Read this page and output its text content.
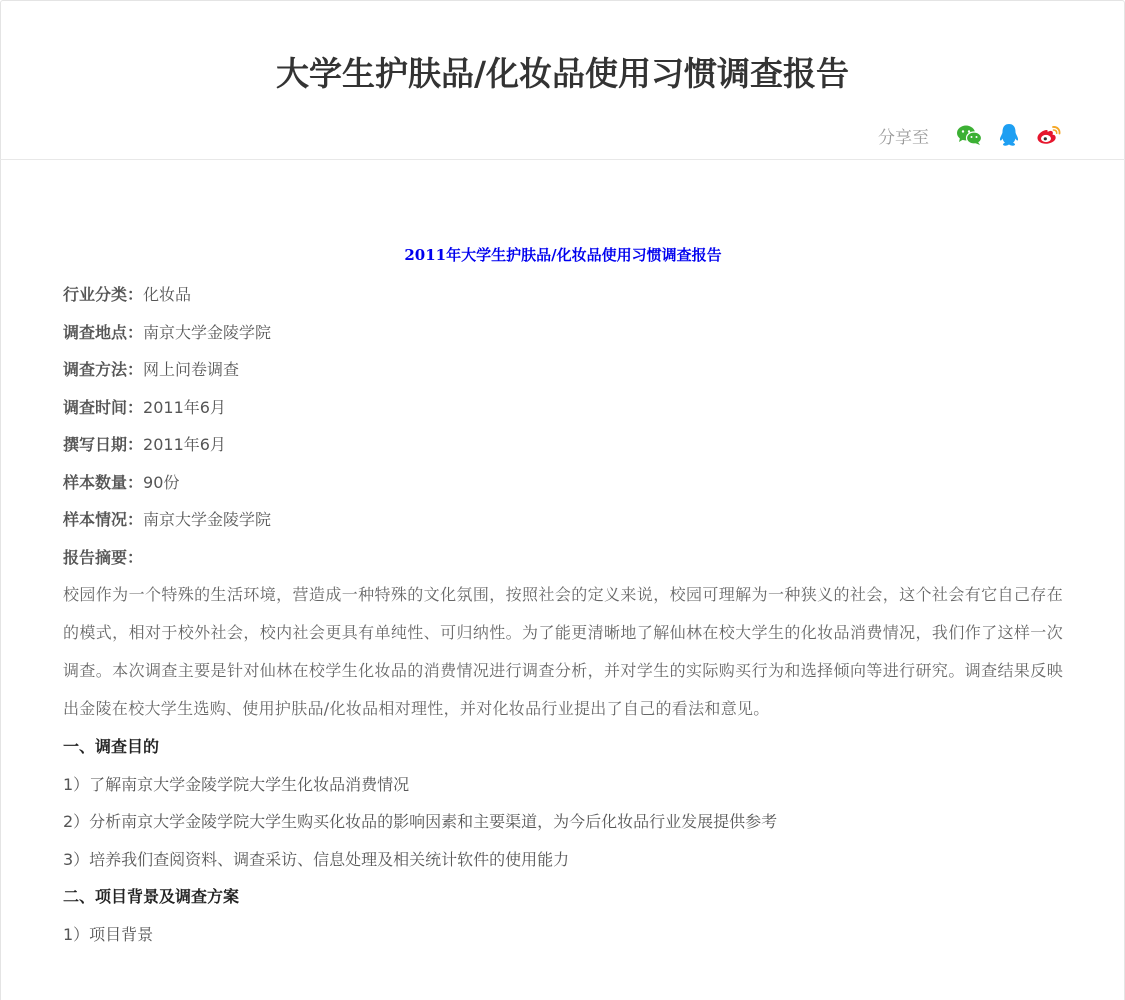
大学生护肤品/化妆品使用习惯调查报告
分享至
2011年大学生护肤品/化妆品使用习惯调查报告
行业分类：化妆品
调查地点：南京大学金陵学院
调查方法：网上问卷调查
调查时间：2011年6月
撰写日期：2011年6月
样本数量：90份
样本情况：南京大学金陵学院
报告摘要：

校园作为一个特殊的生活环境，营造成一种特殊的文化氛围，按照社会的定义来说，校园可理解为一种狭义的社会，这个社会有它自己存在的模式，相对于校外社会，校内社会更具有单纯性、可归纳性。为了能更清晰地了解仙林在校大学生的化妆品消费情况，我们作了这样一次调查。本次调查主要是针对仙林在校学生化妆品的消费情况进行调查分析，并对学生的实际购买行为和选择倾向等进行研究。调查结果反映出金陵在校大学生选购、使用护肤品/化妆品相对理性，并对化妆品行业提出了自己的看法和意见。

一、调查目的
1）了解南京大学金陵学院大学生化妆品消费情况
2）分析南京大学金陵学院大学生购买化妆品的影响因素和主要渠道，为今后化妆品行业发展提供参考
3）培养我们查阅资料、调查采访、信息处理及相关统计软件的使用能力
二、项目背景及调查方案
1）项目背景
